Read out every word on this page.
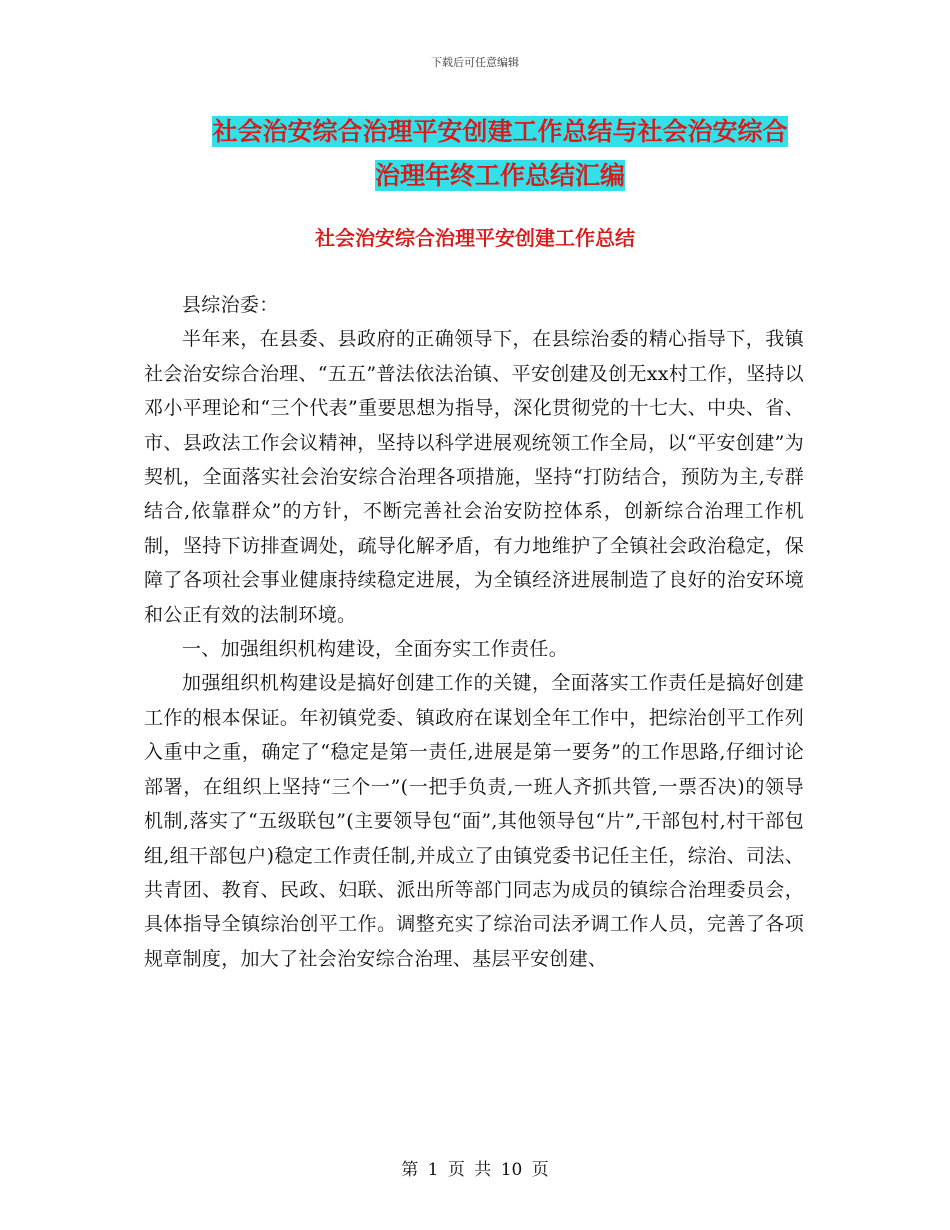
下载后可任意编辑
社会治安综合治理平安创建工作总结与社会治安综合
治理年终工作总结汇编
社会治安综合治理平安创建工作总结

县综治委：

半年来，在县委、县政府的正确领导下，在县综治委的精心指导下，我镇社会治安综合治理、“五五”普法依法治镇、平安创建及创无xx村工作，坚持以邓小平理论和“三个代表”重要思想为指导，深化贯彻党的十七大、中央、省、市、县政法工作会议精神，坚持以科学进展观统领工作全局，以“平安创建”为契机，全面落实社会治安综合治理各项措施，坚持“打防结合，预防为主,专群结合,依靠群众”的方针，不断完善社会治安防控体系，创新综合治理工作机制，坚持下访排查调处，疏导化解矛盾，有力地维护了全镇社会政治稳定，保障了各项社会事业健康持续稳定进展，为全镇经济进展制造了良好的治安环境和公正有效的法制环境。

一、加强组织机构建设，全面夯实工作责任。

加强组织机构建设是搞好创建工作的关键，全面落实工作责任是搞好创建工作的根本保证。年初镇党委、镇政府在谋划全年工作中，把综治创平工作列入重中之重，确定了“稳定是第一责任,进展是第一要务”的工作思路,仔细讨论部署，在组织上坚持“三个一”(一把手负责,一班人齐抓共管,一票否决)的领导机制,落实了“五级联包”(主要领导包“面”,其他领导包“片”,干部包村,村干部包组,组干部包户)稳定工作责任制,并成立了由镇党委书记任主任，综治、司法、共青团、教育、民政、妇联、派出所等部门同志为成员的镇综合治理委员会，具体指导全镇综治创平工作。调整充实了综治司法矛调工作人员，完善了各项规章制度，加大了社会治安综合治理、基层平安创建、

第 1 页 共 10 页
